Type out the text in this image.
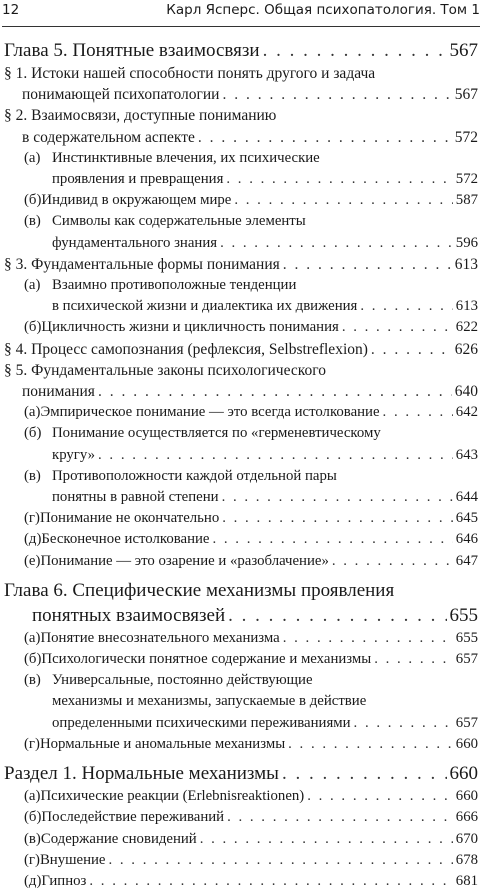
12	Карл Ясперс. Общая психопатология. Том 1
Глава 5. Понятные взаимосвязи . . .	567
§ 1. Истоки нашей способности понять другого и задача
понимающей психопатологии . . .	567
§ 2. Взаимосвязи, доступные пониманию
в содержательном аспекте . . .	572
(а) Инстинктивные влечения, их психические
проявления и превращения . . .	572
(б) Индивид в окружающем мире . . .	587
(в) Символы как содержательные элементы
фундаментального знания . . .	596
§ 3. Фундаментальные формы понимания . . .	613
(а) Взаимно противоположные тенденции
в психической жизни и диалектика их движения . . .	613
(б) Цикличность жизни и цикличность понимания . . .	622
§ 4. Процесс самопознания (рефлексия, Selbstreflexion) . . .	626
§ 5. Фундаментальные законы психологического
понимания . . .	640
(а) Эмпирическое понимание — это всегда истолкование . . .	642
(б) Понимание осуществляется по «герменевтическому
кругу» . . .	643
(в) Противоположности каждой отдельной пары
понятны в равной степени . . .	644
(г) Понимание не окончательно . . .	645
(д) Бесконечное истолкование . . .	646
(е) Понимание — это озарение и «разоблачение» . . .	647
Глава 6. Специфические механизмы проявления
понятных взаимосвязей . . .	655
(а) Понятие внесознательного механизма . . .	655
(б) Психологически понятное содержание и механизмы . . .	657
(в) Универсальные, постоянно действующие
механизмы и механизмы, запускаемые в действие
определенными психическими переживаниями . . .	657
(г) Нормальные и аномальные механизмы . . .	660
Раздел 1. Нормальные механизмы . . .	660
(а) Психические реакции (Erlebnisreaktionen) . . .	660
(б) Последействие переживаний . . .	666
(в) Содержание сновидений . . .	670
(г) Внушение . . .	678
(д) Гипноз . . .	681
